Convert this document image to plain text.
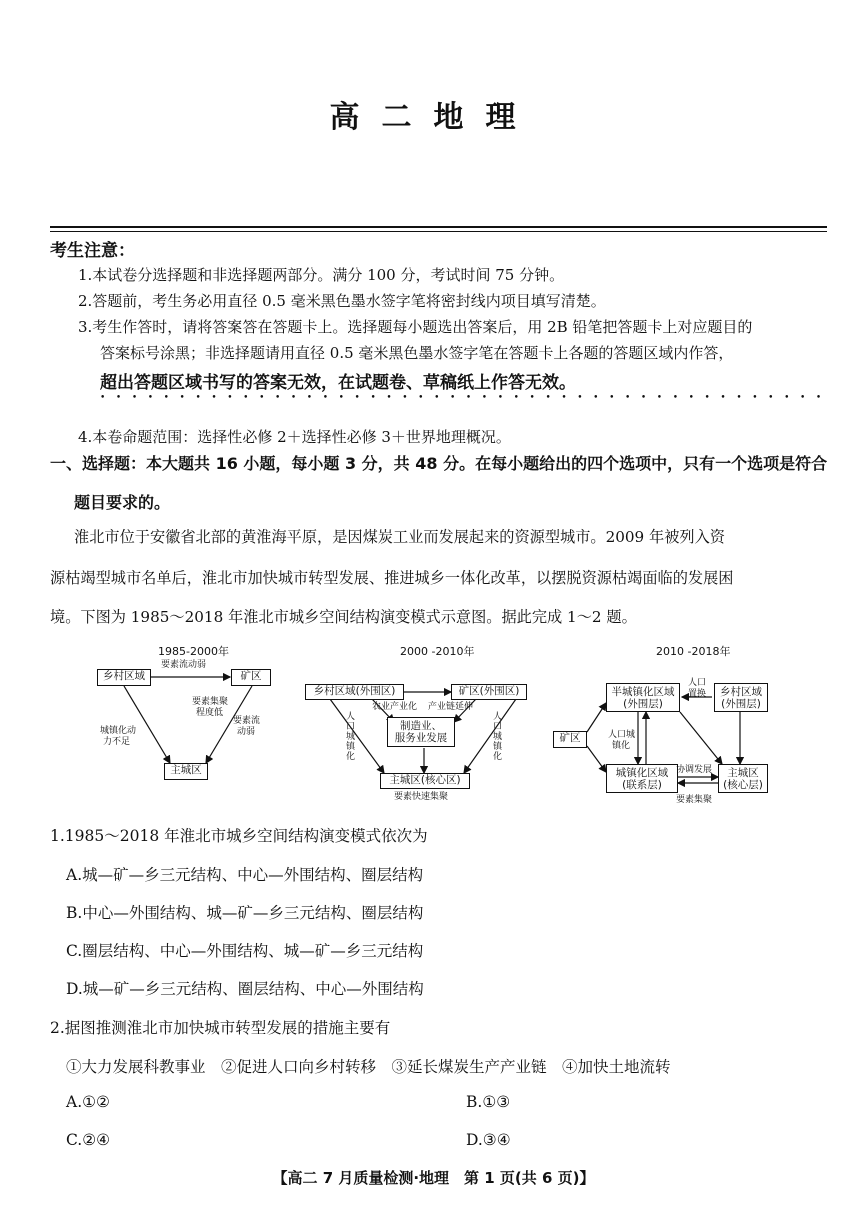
高二地理
考生注意：
1.本试卷分选择题和非选择题两部分。满分 100 分，考试时间 75 分钟。
2.答题前，考生务必用直径 0.5 毫米黑色墨水签字笔将密封线内项目填写清楚。
3.考生作答时，请将答案答在答题卡上。选择题每小题选出答案后，用 2B 铅笔把答题卡上对应题目的
答案标号涂黑；非选择题请用直径 0.5 毫米黑色墨水签字笔在答题卡上各题的答题区域内作答，
超出答题区域书写的答案无效，在试题卷、草稿纸上作答无效。
••••••••••••••••••••••••••••••••••••••••••••••
4.本卷命题范围：选择性必修 2＋选择性必修 3＋世界地理概况。
一、选择题：本大题共 16 小题，每小题 3 分，共 48 分。在每小题给出的四个选项中，只有一个选项是符合
题目要求的。
淮北市位于安徽省北部的黄淮海平原，是因煤炭工业而发展起来的资源型城市。2009 年被列入资
源枯竭型城市名单后，淮北市加快城市转型发展、推进城乡一体化改革，以摆脱资源枯竭面临的发展困
境。下图为 1985～2018 年淮北市城乡空间结构演变模式示意图。据此完成 1～2 题。
1985-2000年
乡村区域	矿区
主城区
要素流动弱
要素集聚
程度低
要素流
动弱
城镇化动
力不足
2000 -2010年
乡村区域(外围区)	矿区(外围区)
制造业、
服务业发展
主城区(核心区)
农业产业化 产业链延伸
人口城镇化
人口城镇化
要素快速集聚
2010 -2018年
半城镇化区域
(外围层)
乡村区域
(外围层)
矿区
城镇化区域
(联系层)
主城区
(核心层)
人口
置换
人口城
镇化
协调发展
要素集聚
1.1985～2018 年淮北市城乡空间结构演变模式依次为
A.城—矿—乡三元结构、中心—外围结构、圈层结构
B.中心—外围结构、城—矿—乡三元结构、圈层结构
C.圈层结构、中心—外围结构、城—矿—乡三元结构
D.城—矿—乡三元结构、圈层结构、中心—外围结构
2.据图推测淮北市加快城市转型发展的措施主要有
①大力发展科教事业　②促进人口向乡村转移　③延长煤炭生产产业链　④加快土地流转
A.①②	B.①③
C.②④	D.③④
【高二 7 月质量检测·地理　第 1 页(共 6 页)】
